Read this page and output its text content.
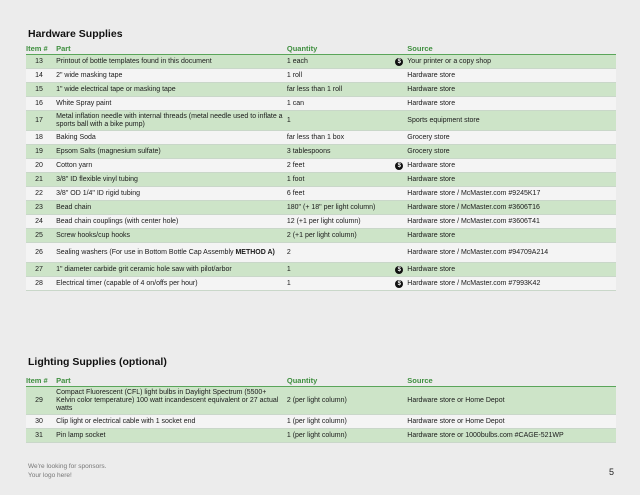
Hardware Supplies
Item #	Part	Quantity	Source
13	Printout of bottle templates found in this document	1 each $	Your printer or a copy shop
14	2" wide masking tape	1 roll	Hardware store
15	1" wide electrical tape or masking tape	far less than 1 roll	Hardware store
16	White Spray paint	1 can	Hardware store
17	Metal inflation needle with internal threads (metal needle used to inflate a sports ball with a bike pump)	1	Sports equipment store
18	Baking Soda	far less than 1 box	Grocery store
19	Epsom Salts (magnesium sulfate)	3 tablespoons	Grocery store
20	Cotton yarn	2 feet $	Hardware store
21	3/8" ID flexible vinyl tubing	1 foot	Hardware store
22	3/8" OD 1/4" ID rigid tubing	6 feet	Hardware store / McMaster.com #9245K17
23	Bead chain	180" (+ 18" per light column)	Hardware store / McMaster.com #3606T16
24	Bead chain couplings (with center hole)	12 (+1 per light column)	Hardware store / McMaster.com #3606T41
25	Screw hooks/cup hooks	2 (+1 per light column)	Hardware store
26	Sealing washers (For use in Bottom Bottle Cap Assembly METHOD A)	2	Hardware store / McMaster.com #94709A214
27	1" diameter carbide grit ceramic hole saw with pilot/arbor	1 $	Hardware store
28	Electrical timer (capable of 4 on/offs per hour)	1 $	Hardware store / McMaster.com #7993K42
Lighting Supplies (optional)
Item #	Part	Quantity	Source
29	Compact Fluorescent (CFL) light bulbs in Daylight Spectrum (5500+ Kelvin color temperature) 100 watt incandescent equivalent or 27 actual watts	2 (per light column)	Hardware store or Home Depot
30	Clip light or electrical cable with 1 socket end	1 (per light column)	Hardware store or Home Depot
31	Pin lamp socket	1 (per light column)	Hardware store or 1000bulbs.com #CAGE-521WP
We're looking for sponsors.
Your logo here!	5
